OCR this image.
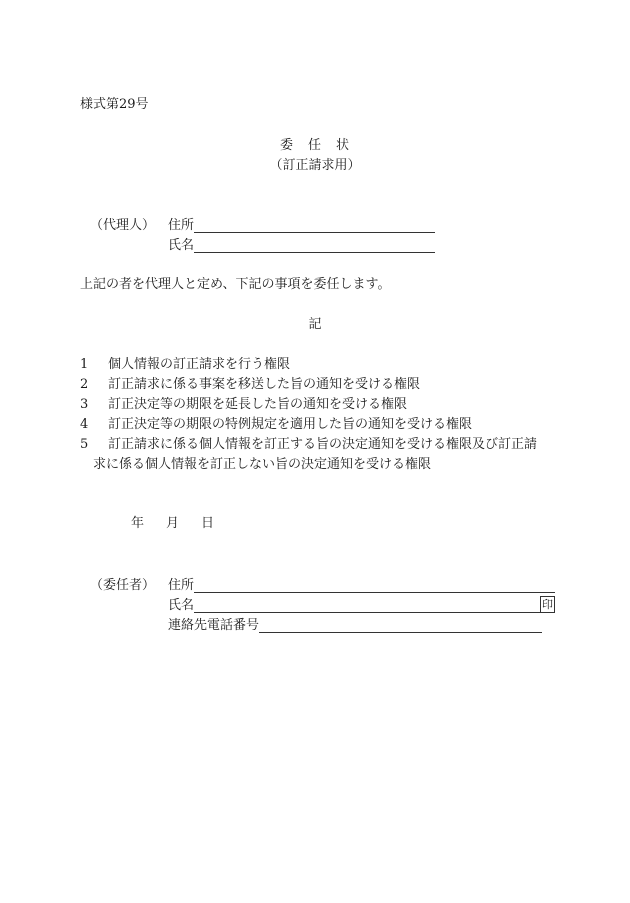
様式第29号
委　任　状
（訂正請求用）
（代理人） 住所
氏名
上記の者を代理人と定め、下記の事項を委任します。
記
1 個人情報の訂正請求を行う権限
2 訂正請求に係る事案を移送した旨の通知を受ける権限
3 訂正決定等の期限を延長した旨の通知を受ける権限
4 訂正決定等の期限の特例規定を適用した旨の通知を受ける権限
5 訂正請求に係る個人情報を訂正する旨の決定通知を受ける権限及び訂正請
求に係る個人情報を訂正しない旨の決定通知を受ける権限
年 月 日
（委任者） 住所
氏名	印
連絡先電話番号
